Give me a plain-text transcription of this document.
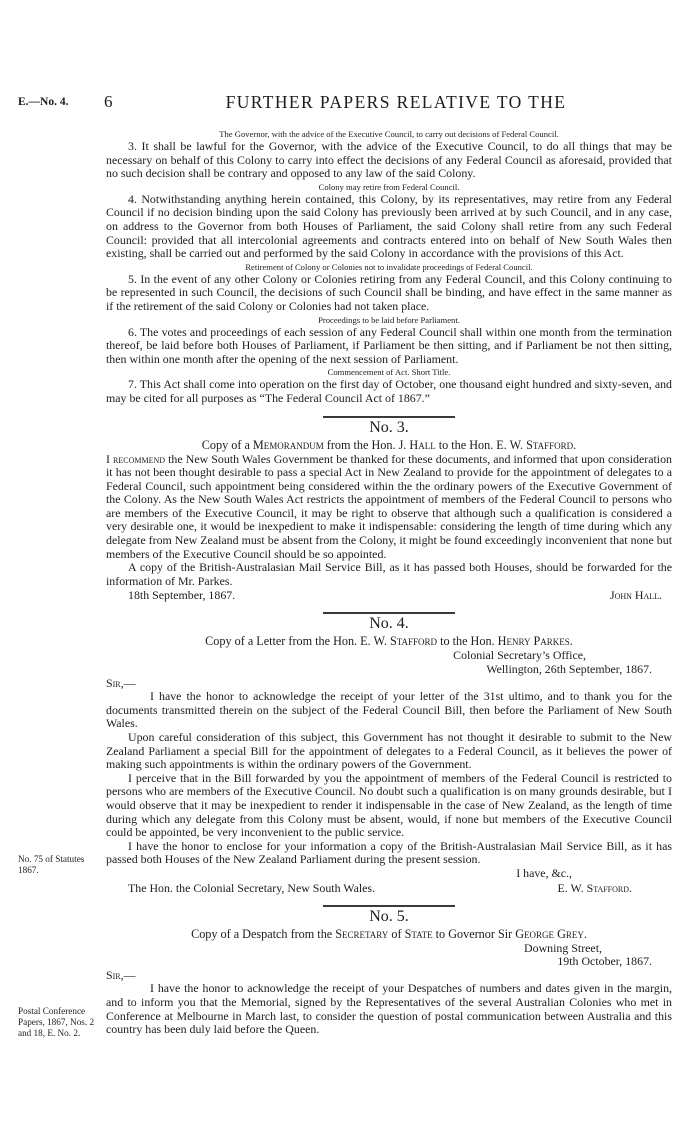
E.—No. 4. 6	FURTHER PAPERS RELATIVE TO THE

The Governor, with the advice of the Executive Council, to carry out decisions of Federal Council.

3. It shall be lawful for the Governor, with the advice of the Executive Council, to do all things that may be necessary on behalf of this Colony to carry into effect the decisions of any Federal Council as aforesaid, provided that no such decision shall be contrary and opposed to any law of the said Colony.

Colony may retire from Federal Council.

4. Notwithstanding anything herein contained, this Colony, by its representatives, may retire from any Federal Council if no decision binding upon the said Colony has previously been arrived at by such Council, and in any case, on address to the Governor from both Houses of Parliament, the said Colony shall retire from any such Federal Council: provided that all intercolonial agreements and contracts entered into on behalf of New South Wales then existing, shall be carried out and performed by the said Colony in accordance with the provisions of this Act.

Retirement of Colony or Colonies not to invalidate proceedings of Federal Council.

5. In the event of any other Colony or Colonies retiring from any Federal Council, and this Colony continuing to be represented in such Council, the decisions of such Council shall be binding, and have effect in the same manner as if the retirement of the said Colony or Colonies had not taken place.

Proceedings to be laid before Parliament.

6. The votes and proceedings of each session of any Federal Council shall within one month from the termination thereof, be laid before both Houses of Parliament, if Parliament be then sitting, and if Parliament be not then sitting, then within one month after the opening of the next session of Parliament.

Commencement of Act. Short Title.

7. This Act shall come into operation on the first day of October, one thousand eight hundred and sixty-seven, and may be cited for all purposes as “The Federal Council Act of 1867.”

No. 3.

Copy of a Memorandum from the Hon. J. Hall to the Hon. E. W. Stafford.

I recommend the New South Wales Government be thanked for these documents, and informed that upon consideration it has not been thought desirable to pass a special Act in New Zealand to provide for the appointment of delegates to a Federal Council, such appointment being considered within the the ordinary powers of the Executive Government of the Colony. As the New South Wales Act restricts the appointment of members of the Federal Council to persons who are members of the Executive Council, it may be right to observe that although such a qualification is considered a very desirable one, it would be inexpedient to make it indispensable: considering the length of time during which any delegate from New Zealand must be absent from the Colony, it might be found exceedingly inconvenient that none but members of the Executive Council should be so appointed.

A copy of the British-Australasian Mail Service Bill, as it has passed both Houses, should be forwarded for the information of Mr. Parkes.

18th September, 1867.	John Hall.

No. 4.

Copy of a Letter from the Hon. E. W. Stafford to the Hon. Henry Parkes.

Colonial Secretary’s Office,

Wellington, 26th September, 1867.

Sir,—

I have the honor to acknowledge the receipt of your letter of the 31st ultimo, and to thank you for the documents transmitted therein on the subject of the Federal Council Bill, then before the Parliament of New South Wales.

Upon careful consideration of this subject, this Government has not thought it desirable to submit to the New Zealand Parliament a special Bill for the appointment of delegates to a Federal Council, as it believes the power of making such appointments is within the ordinary powers of the Government.

I perceive that in the Bill forwarded by you the appointment of members of the Federal Council is restricted to persons who are members of the Executive Council. No doubt such a qualification is on many grounds desirable, but I would observe that it may be inexpedient to render it indispensable in the case of New Zealand, as the length of time during which any delegate from this Colony must be absent, would, if none but members of the Executive Council could be appointed, be very inconvenient to the public service.

I have the honor to enclose for your information a copy of the British-Australasian Mail Service Bill, as it has passed both Houses of the New Zealand Parliament during the present session.

I have, &c.,

The Hon. the Colonial Secretary, New South Wales.	E. W. Stafford.

No. 5.

Copy of a Despatch from the Secretary of State to Governor Sir George Grey.

Downing Street,

19th October, 1867.

Sir,—

I have the honor to acknowledge the receipt of your Despatches of numbers and dates given in the margin, and to inform you that the Memorial, signed by the Representatives of the several Australian Colonies who met in Conference at Melbourne in March last, to consider the question of postal communication between Australia and this country has been duly laid before the Queen.

No. 75 of Statutes 1867.
Postal Conference Papers, 1867, Nos. 2 and 18, E. No. 2.
